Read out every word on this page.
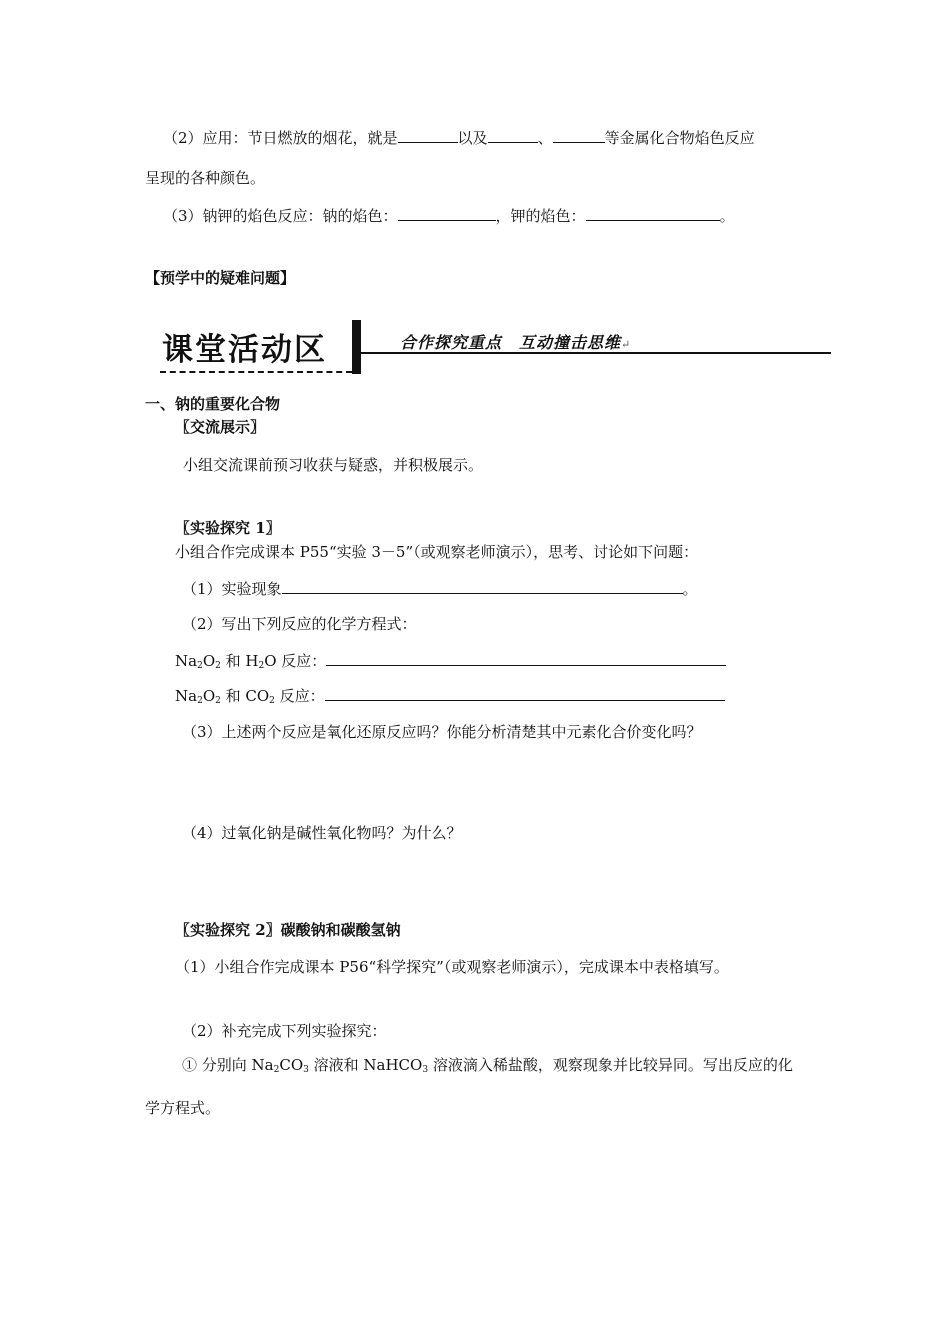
（2）应用：节日燃放的烟花，就是	以及	、	等金属化合物焰色反应
呈现的各种颜色。
（3）钠钾的焰色反应：钠的焰色：	，钾的焰色：	。
【预学中的疑难问题】
课堂活动区	合作探究重点　互动撞击思维↵
一、钠的重要化合物
〖交流展示〗
小组交流课前预习收获与疑惑，并积极展示。
〖实验探究 1〗
小组合作完成课本 P55“实验 3－5”（或观察老师演示），思考、讨论如下问题：
（1）实验现象	。
（2）写出下列反应的化学方程式：
$Na_2O_2$ 和 $H_2O$ 反应：
$Na_2O_2$ 和 $CO_2$ 反应：
（3）上述两个反应是氧化还原反应吗？你能分析清楚其中元素化合价变化吗？
（4）过氧化钠是碱性氧化物吗？为什么？
〖实验探究 2〗碳酸钠和碳酸氢钠
（1）小组合作完成课本 P56“科学探究”（或观察老师演示），完成课本中表格填写。
（2）补充完成下列实验探究：
① 分别向 $Na_2CO_3$ 溶液和 NaHCO$_3$ 溶液滴入稀盐酸，观察现象并比较异同。写出反应的化
学方程式。
